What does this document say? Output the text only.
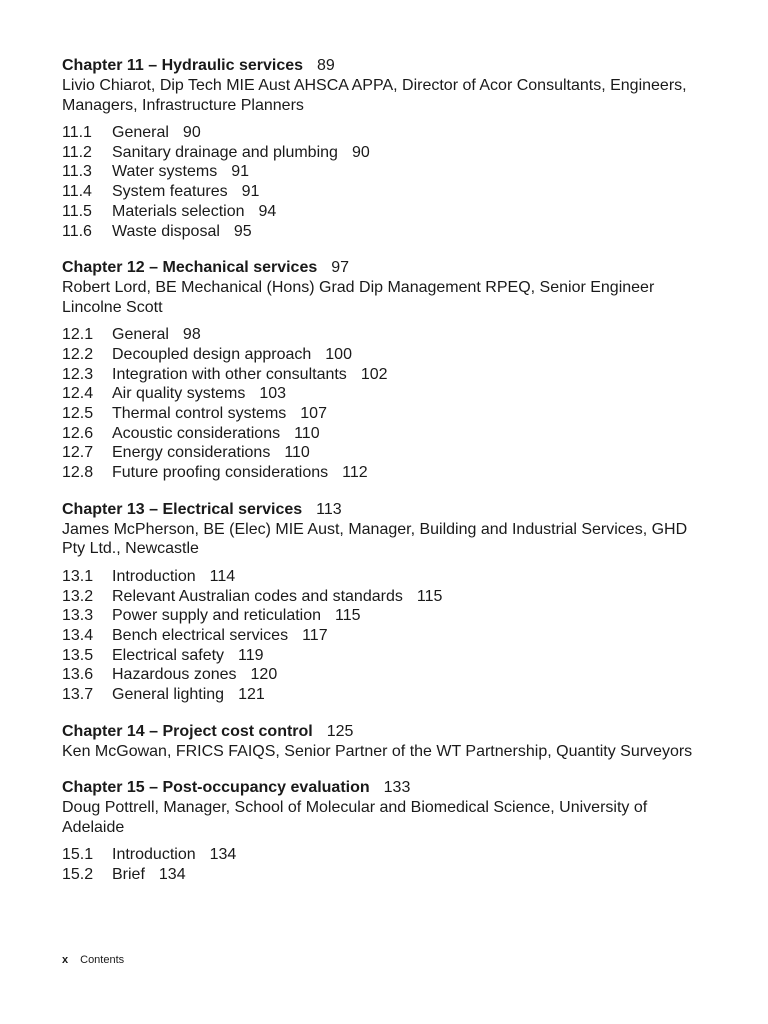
Chapter 11 – Hydraulic services 89
Livio Chiarot, Dip Tech MIE Aust AHSCA APPA, Director of Acor Consultants, Engineers, Managers, Infrastructure Planners
11.1	General 90
11.2	Sanitary drainage and plumbing 90
11.3	Water systems 91
11.4	System features 91
11.5	Materials selection 94
11.6	Waste disposal 95
Chapter 12 – Mechanical services 97
Robert Lord, BE Mechanical (Hons) Grad Dip Management RPEQ, Senior Engineer Lincolne Scott
12.1	General 98
12.2	Decoupled design approach 100
12.3	Integration with other consultants 102
12.4	Air quality systems 103
12.5	Thermal control systems 107
12.6	Acoustic considerations 110
12.7	Energy considerations 110
12.8	Future proofing considerations 112
Chapter 13 – Electrical services 113
James McPherson, BE (Elec) MIE Aust, Manager, Building and Industrial Services, GHD Pty Ltd., Newcastle
13.1	Introduction 114
13.2	Relevant Australian codes and standards 115
13.3	Power supply and reticulation 115
13.4	Bench electrical services 117
13.5	Electrical safety 119
13.6	Hazardous zones 120
13.7	General lighting 121
Chapter 14 – Project cost control 125
Ken McGowan, FRICS FAIQS, Senior Partner of the WT Partnership, Quantity Surveyors
Chapter 15 – Post-occupancy evaluation 133
Doug Pottrell, Manager, School of Molecular and Biomedical Science, University of Adelaide
15.1	Introduction 134
15.2	Brief 134
x Contents
